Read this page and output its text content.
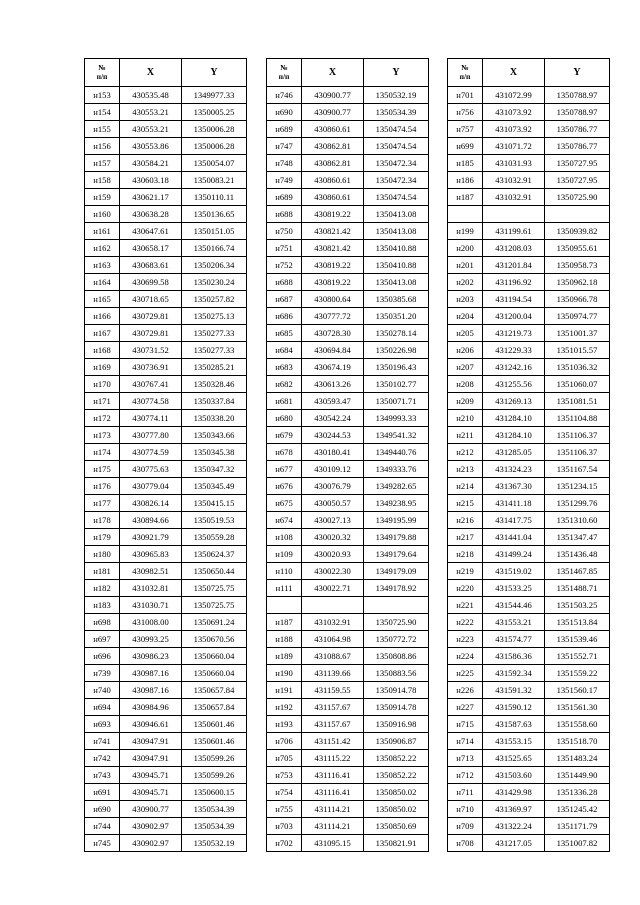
№
п/п	X	Y
н153	430535.48	1349977.33
н154	430553.21	1350005.25
н155	430553.21	1350006.28
н156	430553.86	1350006.28
н157	430584.21	1350054.07
н158	430603.18	1350083.21
н159	430621.17	1350110.11
н160	430638.28	1350136.65
н161	430647.61	1350151.05
н162	430658.17	1350166.74
н163	430683.61	1350206.34
н164	430699.58	1350230.24
н165	430718.65	1350257.82
н166	430729.81	1350275.13
н167	430729.81	1350277.33
н168	430731.52	1350277.33
н169	430736.91	1350285.21
н170	430767.41	1350328.46
н171	430774.58	1350337.84
н172	430774.11	1350338.20
н173	430777.80	1350343.66
н174	430774.59	1350345.38
н175	430775.63	1350347.32
н176	430779.04	1350345.49
н177	430826.14	1350415.15
н178	430894.66	1350519.53
н179	430921.79	1350559.28
н180	430965.83	1350624.37
н181	430982.51	1350650.44
н182	431032.81	1350725.75
н183	431030.71	1350725.75
н698	431008.00	1350691.24
н697	430993.25	1350670.56
н696	430986.23	1350660.04
н739	430987.16	1350660.04
н740	430987.16	1350657.84
н694	430984.96	1350657.84
н693	430946.61	1350601.46
н741	430947.91	1350601.46
н742	430947.91	1350599.26
н743	430945.71	1350599.26
н691	430945.71	1350600.15
н690	430900.77	1350534.39
н744	430902.97	1350534.39
н745	430902.97	1350532.19
№
п/п	X	Y
н746	430900.77	1350532.19
н690	430900.77	1350534.39
н689	430860.61	1350474.54
н747	430862.81	1350474.54
н748	430862.81	1350472.34
н749	430860.61	1350472.34
н689	430860.61	1350474.54
н688	430819.22	1350413.08
н750	430821.42	1350413.08
н751	430821.42	1350410.88
н752	430819.22	1350410.88
н688	430819.22	1350413.08
н687	430800.64	1350385.68
н686	430777.72	1350351.20
н685	430728.30	1350278.14
н684	430694.84	1350226.98
н683	430674.19	1350196.43
н682	430613.26	1350102.77
н681	430593.47	1350071.71
н680	430542.24	1349993.33
н679	430244.53	1349541.32
н678	430180.41	1349440.76
н677	430109.12	1349333.76
н676	430076.79	1349282.65
н675	430050.57	1349238.95
н674	430027.13	1349195.99
н108	430020.32	1349179.88
н109	430020.93	1349179.64
н110	430022.30	1349179.09
н111	430022.71	1349178.92

н187	431032.91	1350725.90
н188	431064.98	1350772.72
н189	431088.67	1350808.86
н190	431139.66	1350883.56
н191	431159.55	1350914.78
н192	431157.67	1350914.78
н193	431157.67	1350916.98
н706	431151.42	1350906.87
н705	431115.22	1350852.22
н753	431116.41	1350852.22
н754	431116.41	1350850.02
н755	431114.21	1350850.02
н703	431114.21	1350850.69
н702	431095.15	1350821.91
№
п/п	X	Y
н701	431072.99	1350788.97
н756	431073.92	1350788.97
н757	431073.92	1350786.77
н699	431071.72	1350786.77
н185	431031.93	1350727.95
н186	431032.91	1350727.95
н187	431032.91	1350725.90

н199	431199.61	1350939.82
н200	431208.03	1350955.61
н201	431201.84	1350958.73
н202	431196.92	1350962.18
н203	431194.54	1350966.78
н204	431200.04	1350974.77
н205	431219.73	1351001.37
н206	431229.33	1351015.57
н207	431242.16	1351036.32
н208	431255.56	1351060.07
н209	431269.13	1351081.51
н210	431284.10	1351104.88
н211	431284.10	1351106.37
н212	431285.05	1351106.37
н213	431324.23	1351167.54
н214	431367.30	1351234.15
н215	431411.18	1351299.76
н216	431417.75	1351310.60
н217	431441.04	1351347.47
н218	431499.24	1351436.48
н219	431519.02	1351467.85
н220	431533.25	1351488.71
н221	431544.46	1351503.25
н222	431553.21	1351513.84
н223	431574.77	1351539.46
н224	431586.36	1351552.71
н225	431592.34	1351559.22
н226	431591.32	1351560.17
н227	431590.12	1351561.30
н715	431587.63	1351558.60
н714	431553.15	1351518.70
н713	431525.65	1351483.24
н712	431503.60	1351449.90
н711	431429.98	1351336.28
н710	431369.97	1351245.42
н709	431322.24	1351171.79
н708	431217.05	1351007.82
